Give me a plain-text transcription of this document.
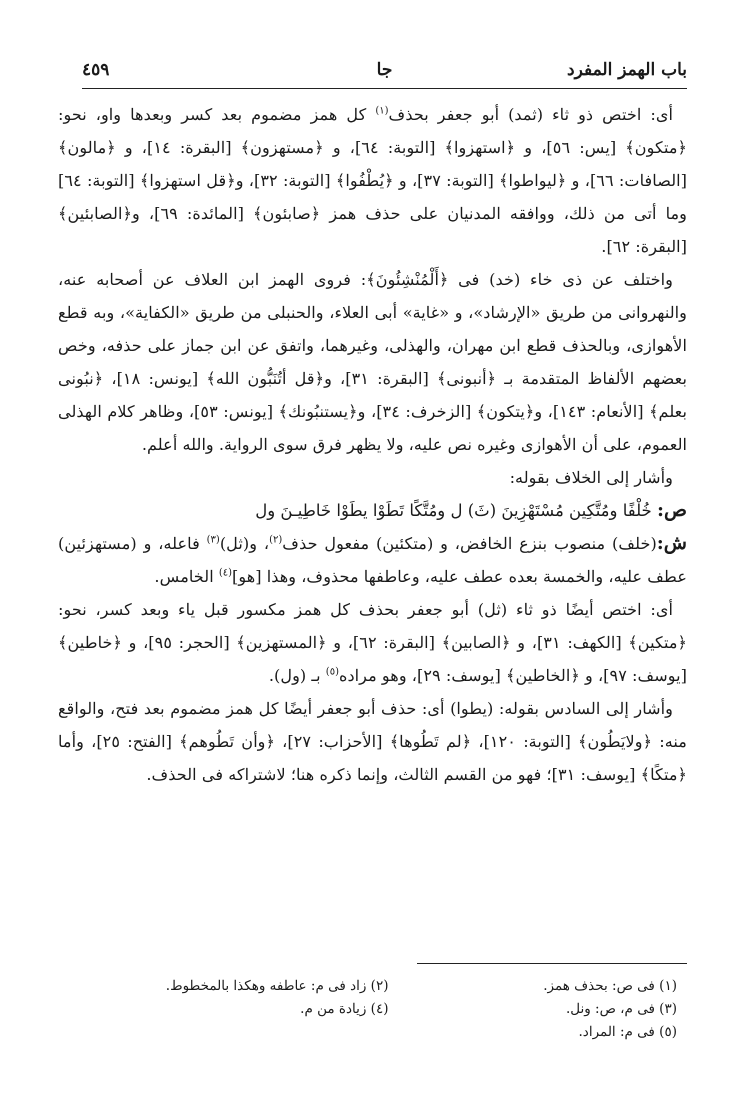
باب الهمز المفرد
جا
٤٥٩

أى: اختص ذو ثاء (ثمد) أبو جعفر بحذف$^{(١)}$ كل همز مضموم بعد كسر وبعدها واو، نحو: ﴿متكون﴾ [يس: ٥٦]، و ﴿استهزوا﴾ [التوبة: ٦٤]، و ﴿مستهزون﴾ [البقرة: ١٤]، و ﴿مالون﴾ [الصافات: ٦٦]، و ﴿ليواطوا﴾ [التوبة: ٣٧]، و ﴿يُطْفُوا﴾ [التوبة: ٣٢]، و﴿قل استهزوا﴾ [التوبة: ٦٤] وما أتى من ذلك، ووافقه المدنيان على حذف همز ﴿صابئون﴾ [المائدة: ٦٩]، و﴿الصابئين﴾ [البقرة: ٦٢].

واختلف عن ذى خاء (خد) فى ﴿أَلْمُنْشِئُونَ﴾: فروى الهمز ابن العلاف عن أصحابه عنه، والنهروانى من طريق «الإرشاد»، و «غاية» أبى العلاء، والحنبلى من طريق «الكفاية»، وبه قطع الأهوازى، وبالحذف قطع ابن مهران، والهذلى، وغيرهما، واتفق عن ابن جماز على حذفه، وخص بعضهم الألفاظ المتقدمة بـ ﴿أنبونى﴾ [البقرة: ٣١]، و﴿قل أتُنَبُّون الله﴾ [يونس: ١٨]، ﴿نبُونى بعلم﴾ [الأنعام: ١٤٣]، و﴿يتكون﴾ [الزخرف: ٣٤]، و﴿يستنبُونك﴾ [يونس: ٥٣]، وظاهر كلام الهذلى العموم، على أن الأهوازى وغيره نص عليه، ولا يظهر فرق سوى الرواية. والله أعلم.

وأشار إلى الخلاف بقوله:

ص: خُلْفًا ومُتَّكِين مُسْتَهْزِينَ (ثَ) ل ومُتَّكًا تَطَوْا يطَوْا خَاطِيـنَ ول

ش:(خلف) منصوب بنزع الخافض، و (متكئين) مفعول حذف$^{(٢)}$، و(ثل)$^{(٣)}$ فاعله، و (مستهزئين) عطف عليه، والخمسة بعده عطف عليه، وعاطفها محذوف، وهذا [هو]$^{(٤)}$ الخامس.

أى: اختص أيضًا ذو ثاء (ثل) أبو جعفر بحذف كل همز مكسور قبل ياء وبعد كسر، نحو: ﴿متكين﴾ [الكهف: ٣١]، و ﴿الصابين﴾ [البقرة: ٦٢]، و ﴿المستهزين﴾ [الحجر: ٩٥]، و ﴿خاطين﴾ [يوسف: ٩٧]، و ﴿الخاطين﴾ [يوسف: ٢٩]، وهو مراده$^{(٥)}$ بـ (ول).

وأشار إلى السادس بقوله: (يطوا) أى: حذف أبو جعفر أيضًا كل همز مضموم بعد فتح، والواقع منه: ﴿ولايَطُون﴾ [التوبة: ١٢٠]، ﴿لم تَطُوها﴾ [الأحزاب: ٢٧]، ﴿وأن تَطُوهم﴾ [الفتح: ٢٥]، وأما ﴿متكًا﴾ [يوسف: ٣١]؛ فهو من القسم الثالث، وإنما ذكره هنا؛ لاشتراكه فى الحذف.

(١) فى ص: بحذف همز.
(٢) زاد فى م: عاطفه وهكذا بالمخطوط.
(٣) فى م، ص: ونل.
(٤) زيادة من م.
(٥) فى م: المراد.
